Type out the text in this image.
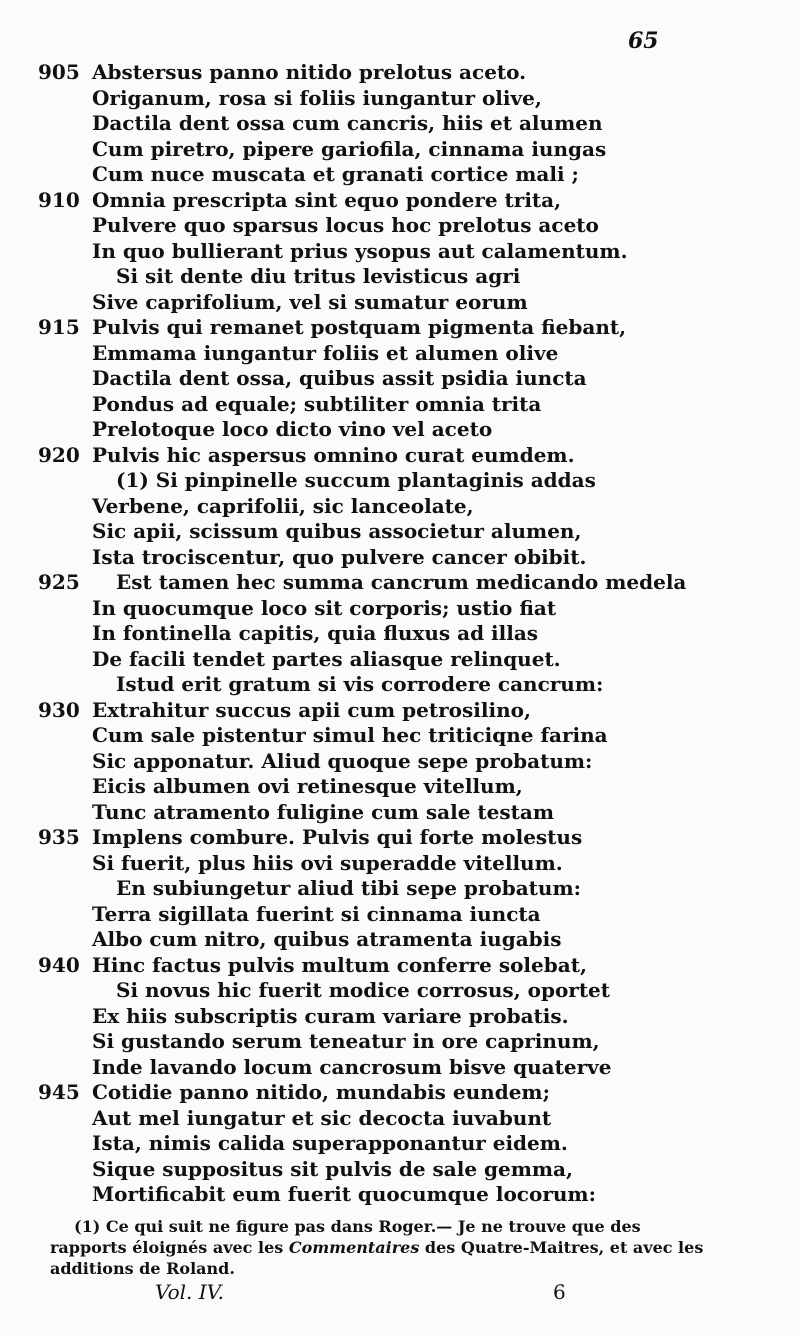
65
905 Abstersus panno nitido prelotus aceto.
Origanum, rosa si foliis iungantur olive,
Dactila dent ossa cum cancris, hiis et alumen
Cum piretro, pipere gariofila, cinnama iungas
Cum nuce muscata et granati cortice mali ;
910 Omnia prescripta sint equo pondere trita,
Pulvere quo sparsus locus hoc prelotus aceto
In quo bullierant prius ysopus aut calamentum.
Si sit dente diu tritus levisticus agri
Sive caprifolium, vel si sumatur eorum
915 Pulvis qui remanet postquam pigmenta fiebant,
Emmama iungantur foliis et alumen olive
Dactila dent ossa, quibus assit psidia iuncta
Pondus ad equale; subtiliter omnia trita
Prelotoque loco dicto vino vel aceto
920 Pulvis hic aspersus omnino curat eumdem.
(1) Si pinpinelle succum plantaginis addas
Verbene, caprifolii, sic lanceolate,
Sic apii, scissum quibus associetur alumen,
Ista trociscentur, quo pulvere cancer obibit.
925	Est tamen hec summa cancrum medicando medela
In quocumque loco sit corporis; ustio fiat
In fontinella capitis, quia fluxus ad illas
De facili tendet partes aliasque relinquet.
Istud erit gratum si vis corrodere cancrum:
930 Extrahitur succus apii cum petrosilino,
Cum sale pistentur simul hec triticiqne farina
Sic apponatur. Aliud quoque sepe probatum:
Eicis albumen ovi retinesque vitellum,
Tunc atramento fuligine cum sale testam
935 Implens combure. Pulvis qui forte molestus
Si fuerit, plus hiis ovi superadde vitellum.
En subiungetur aliud tibi sepe probatum:
Terra sigillata fuerint si cinnama iuncta
Albo cum nitro, quibus atramenta iugabis
940 Hinc factus pulvis multum conferre solebat,
Si novus hic fuerit modice corrosus, oportet
Ex hiis subscriptis curam variare probatis.
Si gustando serum teneatur in ore caprinum,
Inde lavando locum cancrosum bisve quaterve
945 Cotidie panno nitido, mundabis eundem;
Aut mel iungatur et sic decocta iuvabunt
Ista, nimis calida superapponantur eidem.
Sique suppositus sit pulvis de sale gemma,
Mortificabit eum fuerit quocumque locorum:
(1) Ce qui suit ne figure pas dans Roger.— Je ne trouve que des rapports éloignés avec les Commentaires des Quatre-Maitres, et avec les additions de Roland.
Vol. IV.	6
